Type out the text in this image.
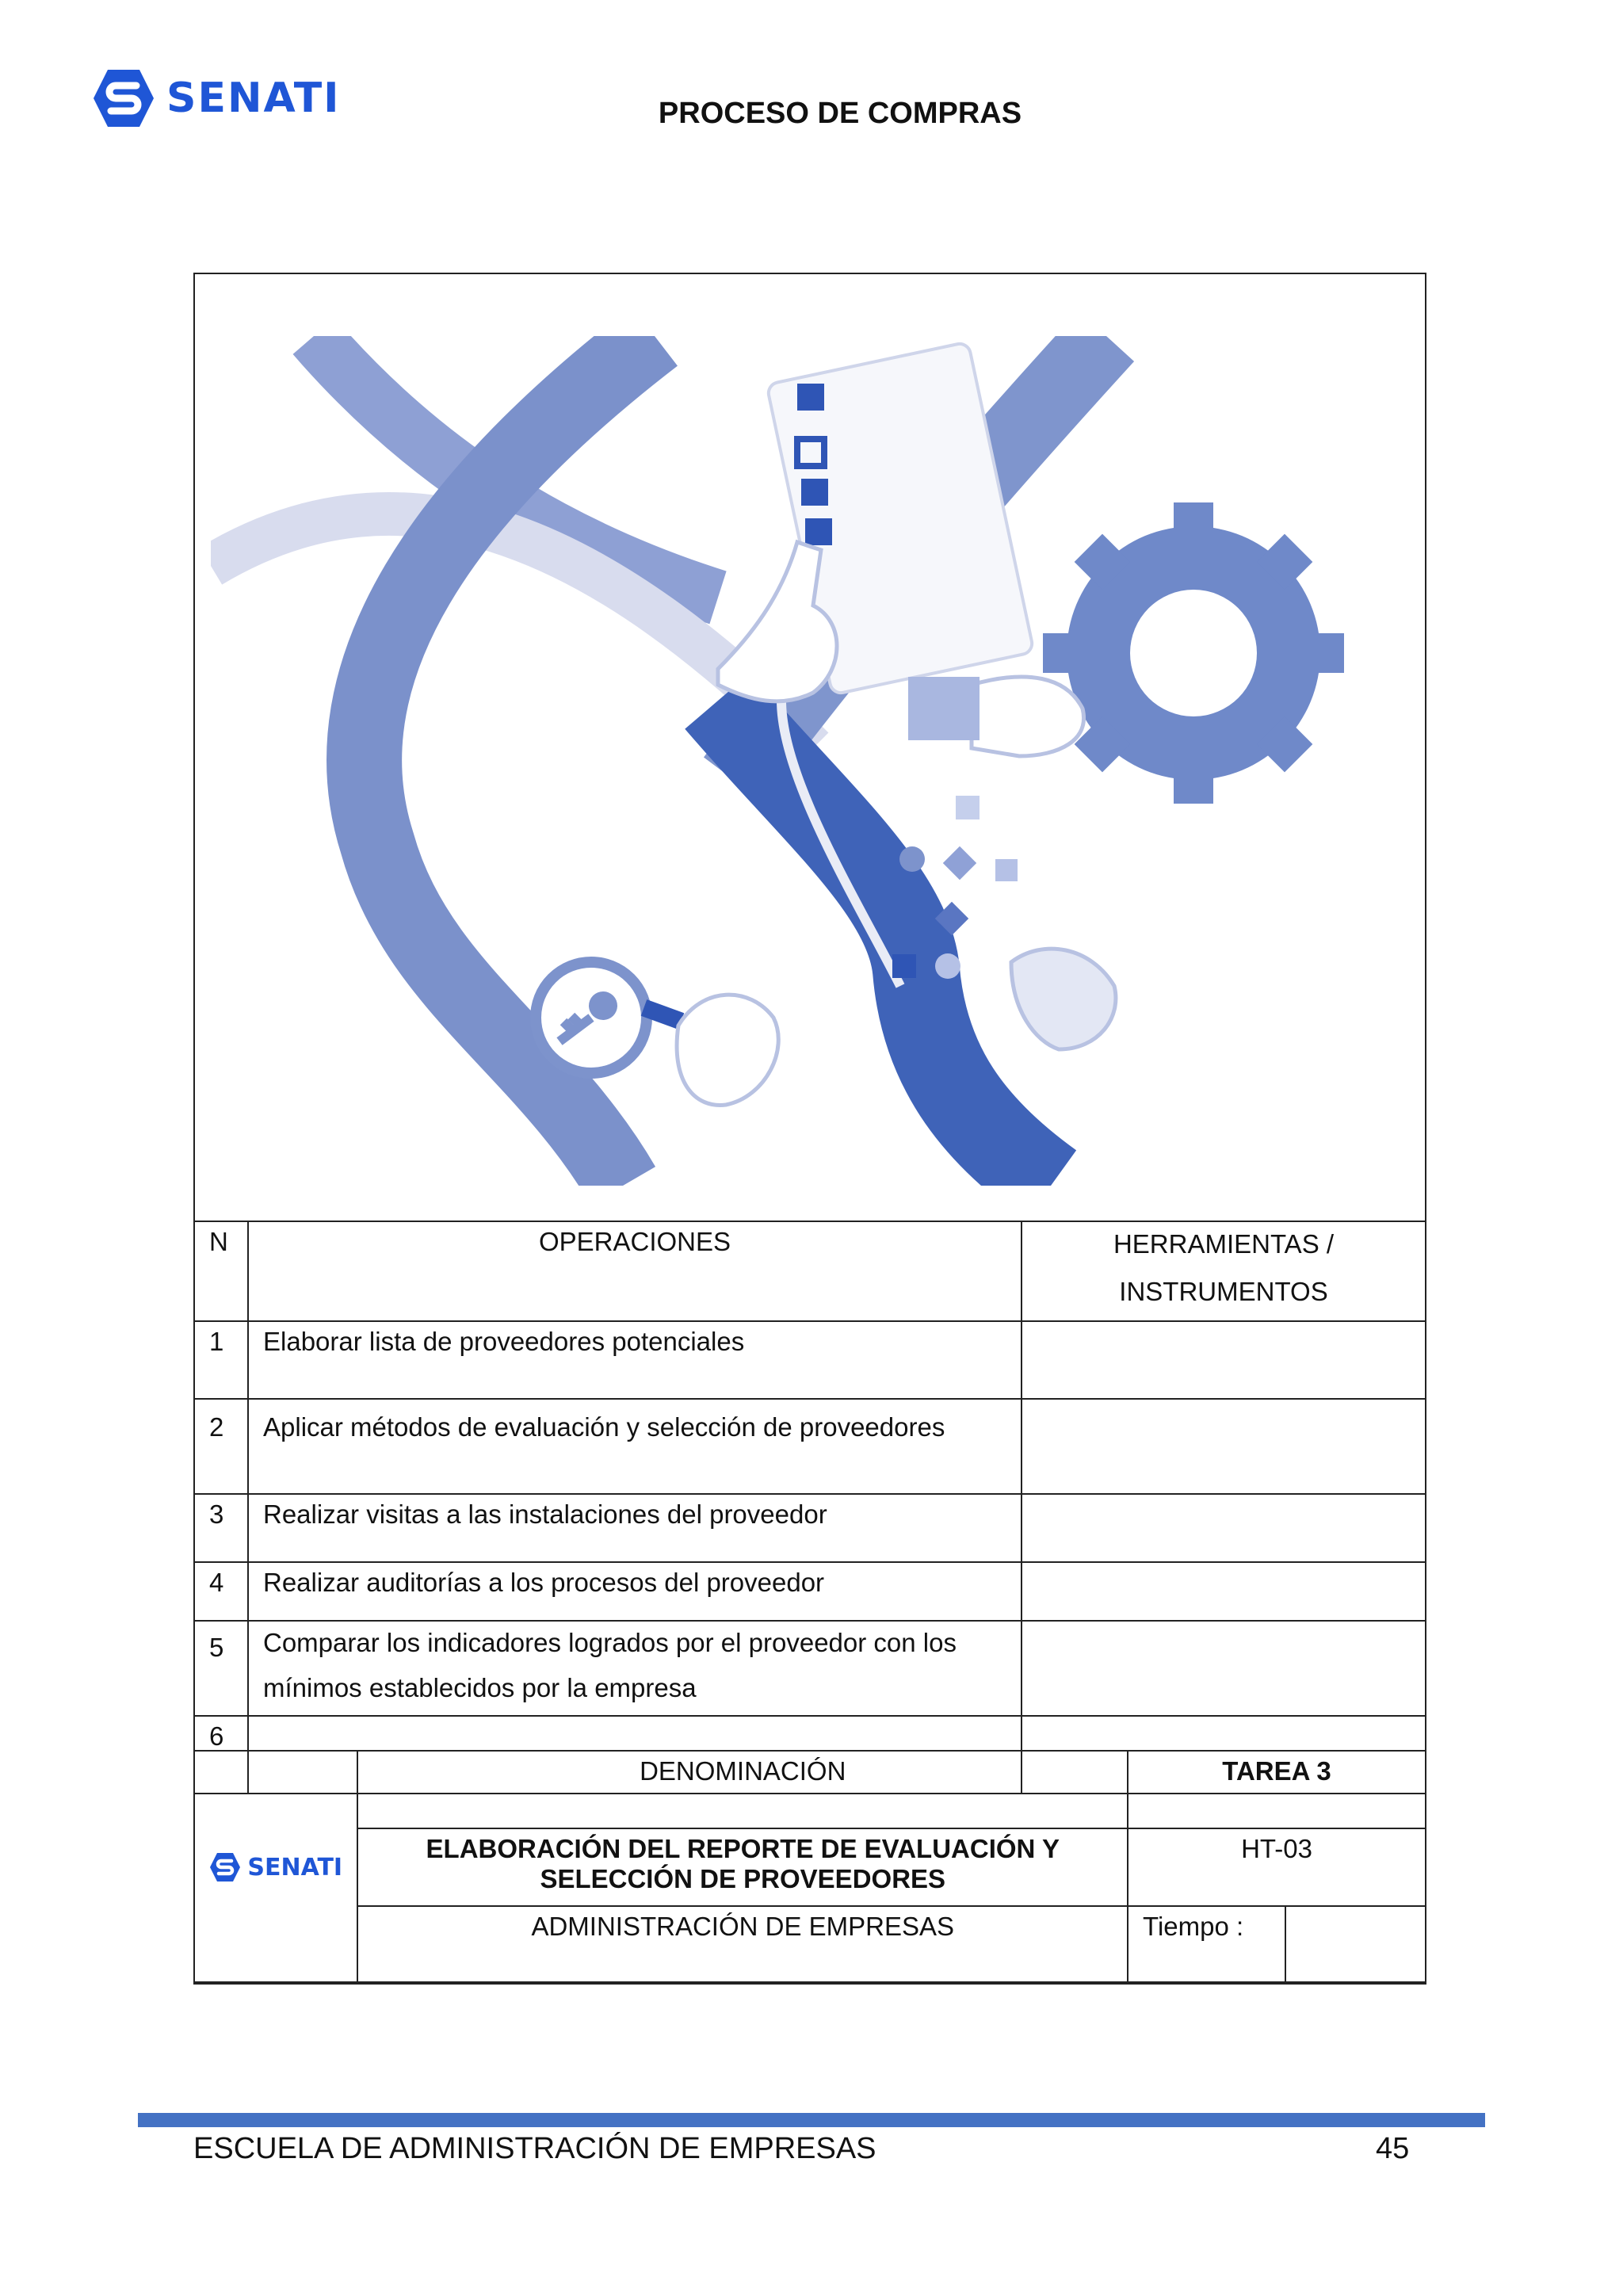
SENATI	PROCESO DE COMPRAS
N	OPERACIONES	HERRAMIENTAS / INSTRUMENTOS

1	Elaborar lista de proveedores potenciales	
2	Aplicar métodos de evaluación y selección de proveedores	
3	Realizar visitas a las instalaciones del proveedor	
4	Realizar auditorías a los procesos del proveedor	
5	Comparar los indicadores logrados por el proveedor con los mínimos establecidos por la empresa	

6		
SENATI	DENOMINACIÓN	TAREA 3	
	ELABORACIÓN DEL REPORTE DE EVALUACIÓN Y SELECCIÓN DE PROVEEDORES	HT-03	
	ADMINISTRACIÓN DE EMPRESAS	Tiempo :	
ESCUELA DE ADMINISTRACIÓN DE EMPRESAS	45
